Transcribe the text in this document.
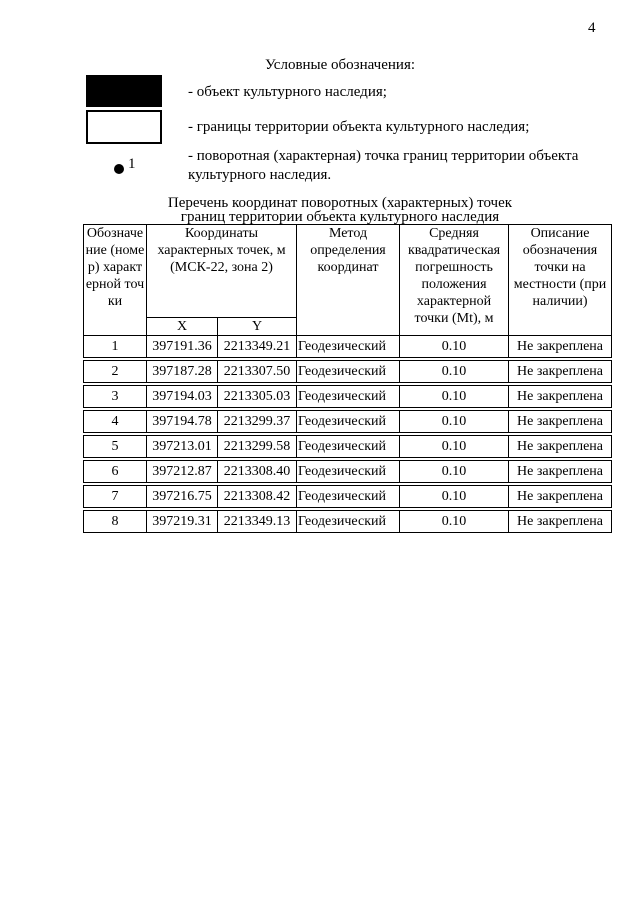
4
Условные обозначения:
- объект культурного наследия;
- границы территории объекта культурного наследия;
1	- поворотная (характерная) точка границ территории объекта культурного наследия.
Перечень координат поворотных (характерных) точек
границ территории объекта культурного наследия
Обозначение (номер) характерной точки	Координаты характерных точек, м (МСК-22, зона 2)		Метод определения координат	Средняя квадратическая погрешность положения характерной точки (Mt), м	Описание обозначения точки на местности (при наличии)
	X	Y			
1	397191.36	2213349.21	Геодезический	0.10	Не закреплена

2	397187.28	2213307.50	Геодезический	0.10	Не закреплена

3	397194.03	2213305.03	Геодезический	0.10	Не закреплена

4	397194.78	2213299.37	Геодезический	0.10	Не закреплена

5	397213.01	2213299.58	Геодезический	0.10	Не закреплена

6	397212.87	2213308.40	Геодезический	0.10	Не закреплена

7	397216.75	2213308.42	Геодезический	0.10	Не закреплена

8	397219.31	2213349.13	Геодезический	0.10	Не закреплена
